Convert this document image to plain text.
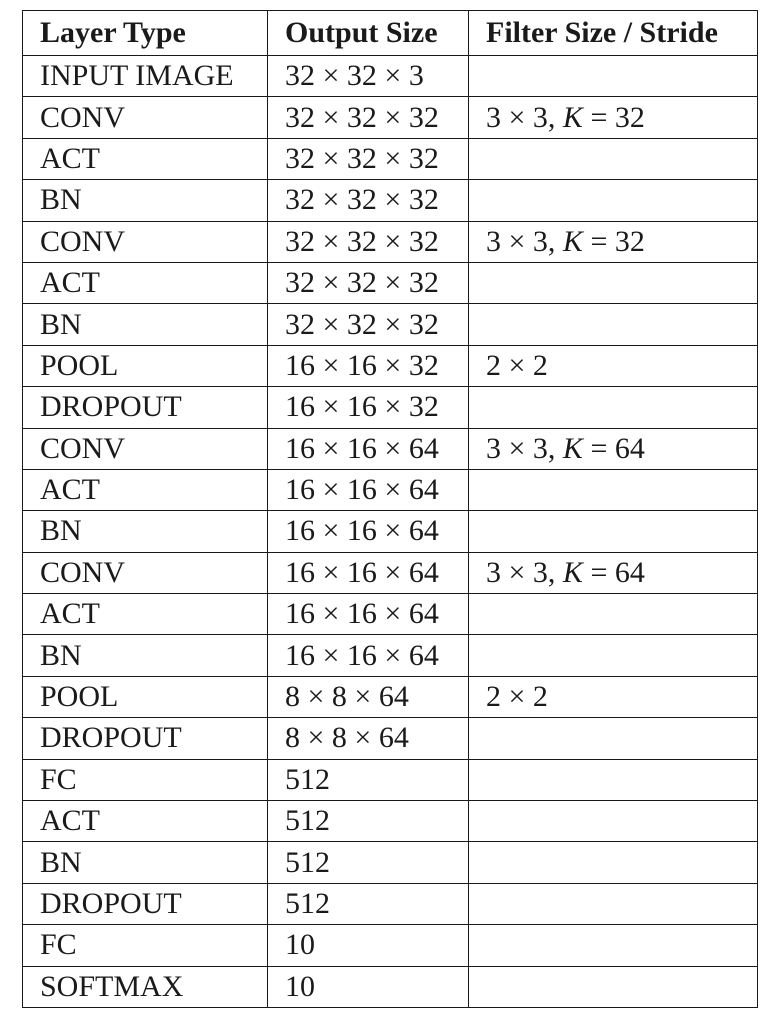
Layer Type	Output Size	Filter Size / Stride
INPUT IMAGE	32 × 32 × 3	
CONV	32 × 32 × 32	3 × 3, K = 32
ACT	32 × 32 × 32	
BN	32 × 32 × 32	
CONV	32 × 32 × 32	3 × 3, K = 32
ACT	32 × 32 × 32	
BN	32 × 32 × 32	
POOL	16 × 16 × 32	2 × 2
DROPOUT	16 × 16 × 32	
CONV	16 × 16 × 64	3 × 3, K = 64
ACT	16 × 16 × 64	
BN	16 × 16 × 64	
CONV	16 × 16 × 64	3 × 3, K = 64
ACT	16 × 16 × 64	
BN	16 × 16 × 64	
POOL	8 × 8 × 64	2 × 2
DROPOUT	8 × 8 × 64	
FC	512	
ACT	512	
BN	512	
DROPOUT	512	
FC	10	
SOFTMAX	10	
